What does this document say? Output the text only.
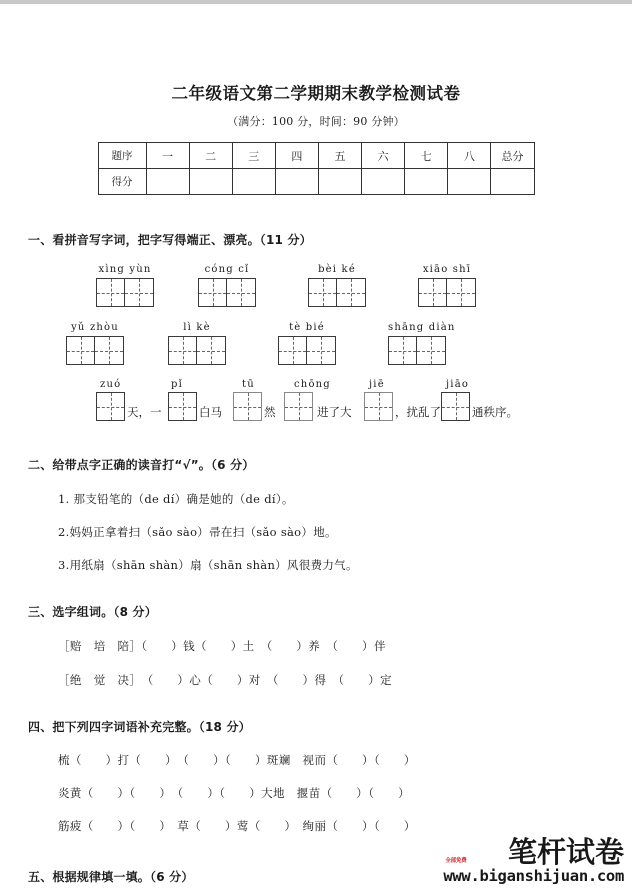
二年级语文第二学期期末教学检测试卷

（满分：100 分，时间：90 分钟）

题序	一	二	三	四	五	六	七	八	总分
得分									
一、看拼音写字词，把字写得端正、漂亮。（11 分）
xìng yùn	cóng cǐ	bèi ké	xiāo shī
yǔ zhòu	lì kè	tè bié	shāng diàn
zuó	pǐ	tū	chōng	jiē	jiāo
天，一	白马	然	进了大	，扰乱了	通秩序。
二、给带点字正确的读音打“√”。（6 分）
1. 那支铅笔的（de dí）确是她的（de dí）。
2.妈妈正拿着扫（sǎo sào）帚在扫（sǎo sào）地。
3.用纸扇（shān shàn）扇（shān shàn）风很费力气。
三、选字组词。（8 分）
［赔　培　陪］（　　）钱（　　）土　（　　）养　（　　）伴
［绝　觉　决］　（　　）心（　　）对　（　　）得　（　　）定
四、把下列四字词语补充完整。（18 分）
梳（　　）打（　　）　（　　）（　　）斑斓　视而（　　）（　　）
炎黄（　　）（　　）　（　　）（　　）大地　揠苗（　　）（　　）
筋疲（　　）（　　）　草（　　）莺（　　）　绚丽（　　）（　　）
五、根据规律填一填。（6 分）
全部免费	笔杆试卷
www.biganshijuan.com
